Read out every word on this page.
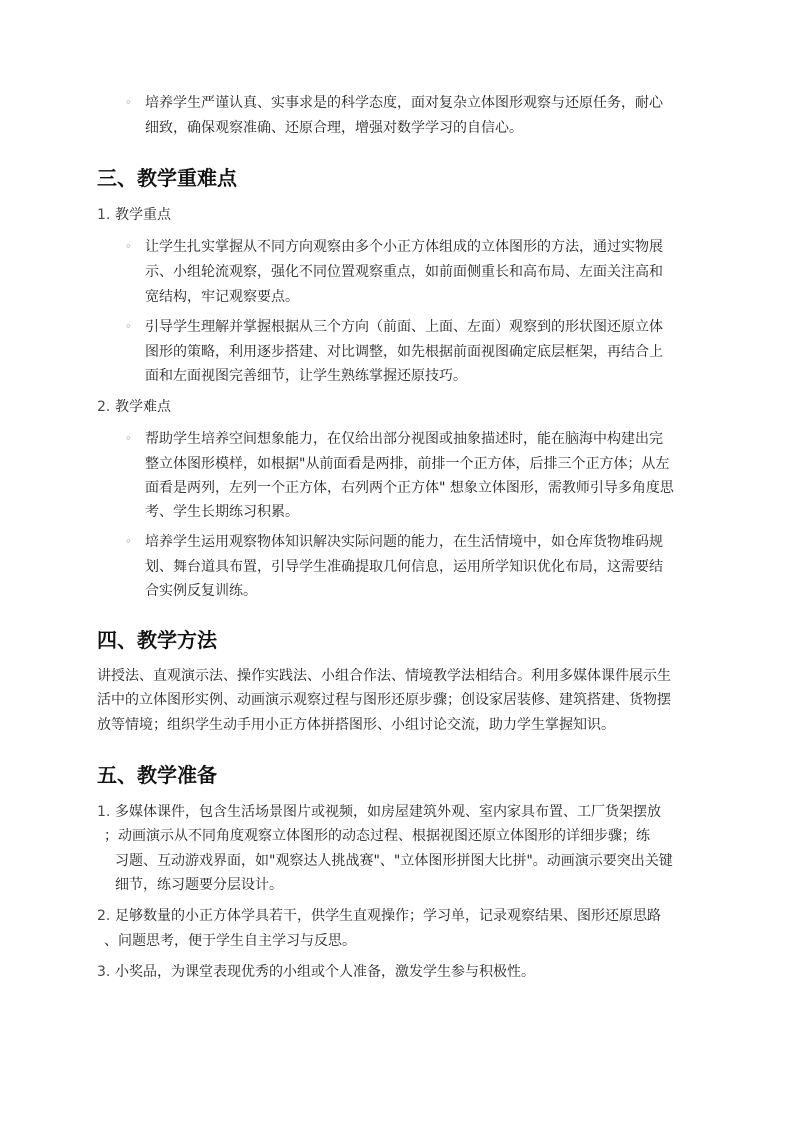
◦ 培养学生严谨认真、实事求是的科学态度，面对复杂立体图形观察与还原任务，耐心
细致，确保观察准确、还原合理，增强对数学学习的自信心。
三、教学重难点
1. 教学重点
◦ 让学生扎实掌握从不同方向观察由多个小正方体组成的立体图形的方法，通过实物展
示、小组轮流观察，强化不同位置观察重点，如前面侧重长和高布局、左面关注高和
宽结构，牢记观察要点。
◦ 引导学生理解并掌握根据从三个方向（前面、上面、左面）观察到的形状图还原立体
图形的策略，利用逐步搭建、对比调整，如先根据前面视图确定底层框架，再结合上
面和左面视图完善细节，让学生熟练掌握还原技巧。
2. 教学难点
◦ 帮助学生培养空间想象能力，在仅给出部分视图或抽象描述时，能在脑海中构建出完
整立体图形模样，如根据"从前面看是两排，前排一个正方体，后排三个正方体；从左
面看是两列，左列一个正方体，右列两个正方体" 想象立体图形，需教师引导多角度思
考、学生长期练习积累。
◦ 培养学生运用观察物体知识解决实际问题的能力，在生活情境中，如仓库货物堆码规
划、舞台道具布置，引导学生准确提取几何信息，运用所学知识优化布局，这需要结
合实例反复训练。
四、教学方法
讲授法、直观演示法、操作实践法、小组合作法、情境教学法相结合。利用多媒体课件展示生
活中的立体图形实例、动画演示观察过程与图形还原步骤；创设家居装修、建筑搭建、货物摆
放等情境；组织学生动手用小正方体拼搭图形、小组讨论交流，助力学生掌握知识。
五、教学准备
1. 多媒体课件，包含生活场景图片或视频，如房屋建筑外观、室内家具布置、工厂货架摆放
；动画演示从不同角度观察立体图形的动态过程、根据视图还原立体图形的详细步骤；练
习题、互动游戏界面，如"观察达人挑战赛"、"立体图形拼图大比拼"。动画演示要突出关键
细节，练习题要分层设计。
2. 足够数量的小正方体学具若干，供学生直观操作；学习单，记录观察结果、图形还原思路
、问题思考，便于学生自主学习与反思。
3. 小奖品，为课堂表现优秀的小组或个人准备，激发学生参与积极性。
